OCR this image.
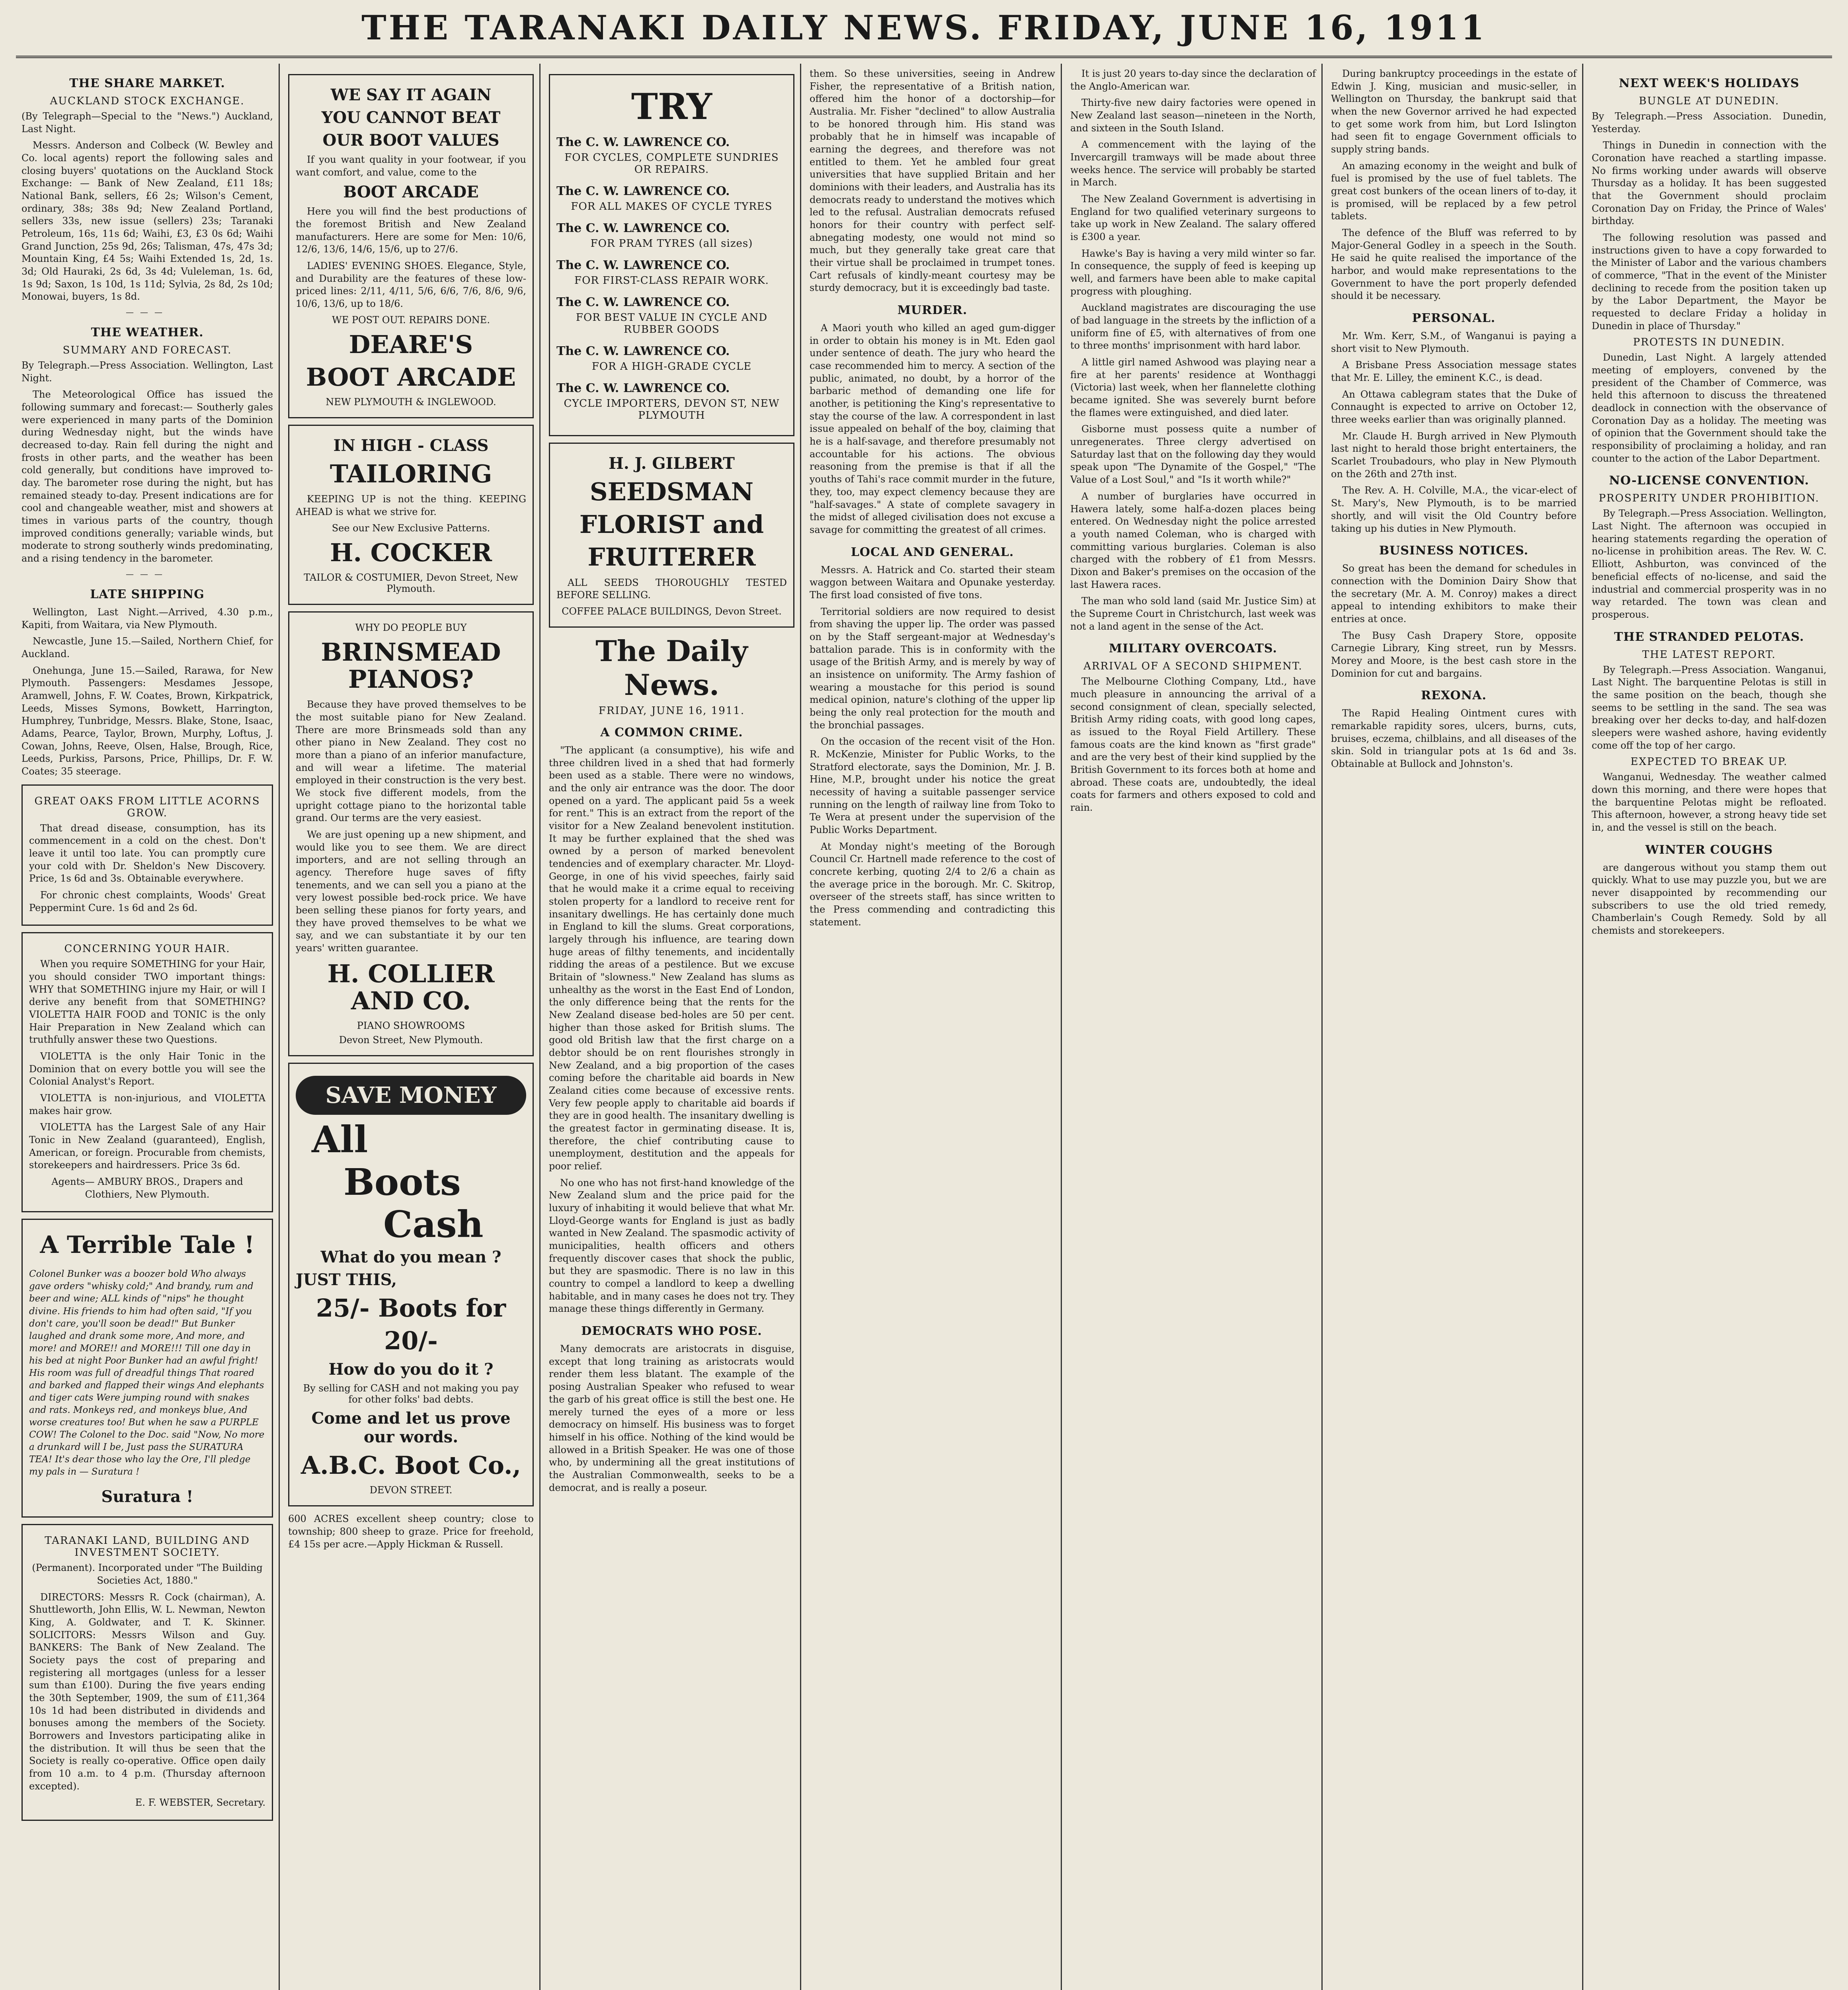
THE TARANAKI DAILY NEWS. FRIDAY, JUNE 16, 1911
THE SHARE MARKET.
AUCKLAND STOCK EXCHANGE.

(By Telegraph—Special to the "News.") Auckland, Last Night.

Messrs. Anderson and Colbeck (W. Bewley and Co. local agents) report the following sales and closing buyers' quotations on the Auckland Stock Exchange: — Bank of New Zealand, £11 18s; National Bank, sellers, £6 2s; Wilson's Cement, ordinary, 38s; 38s 9d; New Zealand Portland, sellers 33s, new issue (sellers) 23s; Taranaki Petroleum, 16s, 11s 6d; Waihi, £3, £3 0s 6d; Waihi Grand Junction, 25s 9d, 26s; Talisman, 47s, 47s 3d; Mountain King, £4 5s; Waihi Extended 1s, 2d, 1s. 3d; Old Hauraki, 2s 6d, 3s 4d; Vuleleman, 1s. 6d, 1s 9d; Saxon, 1s 10d, 1s 11d; Sylvia, 2s 8d, 2s 10d; Monowai, buyers, 1s 8d.

———
THE WEATHER.
SUMMARY AND FORECAST.

By Telegraph.—Press Association. Wellington, Last Night.

The Meteorological Office has issued the following summary and forecast:— Southerly gales were experienced in many parts of the Dominion during Wednesday night, but the winds have decreased to-day. Rain fell during the night and frosts in other parts, and the weather has been cold generally, but conditions have improved to-day. The barometer rose during the night, but has remained steady to-day. Present indications are for cool and changeable weather, mist and showers at times in various parts of the country, though improved conditions generally; variable winds, but moderate to strong southerly winds predominating, and a rising tendency in the barometer.

———
LATE SHIPPING

Wellington, Last Night.—Arrived, 4.30 p.m., Kapiti, from Waitara, via New Plymouth.

Newcastle, June 15.—Sailed, Northern Chief, for Auckland.

Onehunga, June 15.—Sailed, Rarawa, for New Plymouth. Passengers: Mesdames Jessope, Aramwell, Johns, F. W. Coates, Brown, Kirkpatrick, Leeds, Misses Symons, Bowkett, Harrington, Humphrey, Tunbridge, Messrs. Blake, Stone, Isaac, Adams, Pearce, Taylor, Brown, Murphy, Loftus, J. Cowan, Johns, Reeve, Olsen, Halse, Brough, Rice, Leeds, Purkiss, Parsons, Price, Phillips, Dr. F. W. Coates; 35 steerage.

GREAT OAKS FROM LITTLE ACORNS GROW.

That dread disease, consumption, has its commencement in a cold on the chest. Don't leave it until too late. You can promptly cure your cold with Dr. Sheldon's New Discovery. Price, 1s 6d and 3s. Obtainable everywhere.

For chronic chest complaints, Woods' Great Peppermint Cure. 1s 6d and 2s 6d.

CONCERNING YOUR HAIR.

When you require SOMETHING for your Hair, you should consider TWO important things: WHY that SOMETHING injure my Hair, or will I derive any benefit from that SOMETHING? VIOLETTA HAIR FOOD and TONIC is the only Hair Preparation in New Zealand which can truthfully answer these two Questions.

VIOLETTA is the only Hair Tonic in the Dominion that on every bottle you will see the Colonial Analyst's Report.

VIOLETTA is non-injurious, and VIOLETTA makes hair grow.

VIOLETTA has the Largest Sale of any Hair Tonic in New Zealand (guaranteed), English, American, or foreign. Procurable from chemists, storekeepers and hairdressers. Price 3s 6d.

Agents— AMBURY BROS., Drapers and Clothiers, New Plymouth.

A Terrible Tale !

Colonel Bunker was a boozer bold Who always gave orders "whisky cold;" And brandy, rum and beer and wine; ALL kinds of "nips" he thought divine. His friends to him had often said, "If you don't care, you'll soon be dead!" But Bunker laughed and drank some more, And more, and more! and MORE!! and MORE!!! Till one day in his bed at night Poor Bunker had an awful fright! His room was full of dreadful things That roared and barked and flapped their wings And elephants and tiger cats Were jumping round with snakes and rats. Monkeys red, and monkeys blue, And worse creatures too! But when he saw a PURPLE COW! The Colonel to the Doc. said "Now, No more a drunkard will I be, Just pass the SURATURA TEA! It's dear those who lay the Ore, I'll pledge my pals in — Suratura !

Suratura !
TARANAKI LAND, BUILDING AND INVESTMENT SOCIETY.

(Permanent). Incorporated under "The Building Societies Act, 1880."

DIRECTORS: Messrs R. Cock (chairman), A. Shuttleworth, John Ellis, W. L. Newman, Newton King, A. Goldwater, and T. K. Skinner. SOLICITORS: Messrs Wilson and Guy. BANKERS: The Bank of New Zealand. The Society pays the cost of preparing and registering all mortgages (unless for a lesser sum than £100). During the five years ending the 30th September, 1909, the sum of £11,364 10s 1d had been distributed in dividends and bonuses among the members of the Society. Borrowers and Investors participating alike in the distribution. It will thus be seen that the Society is really co-operative. Office open daily from 10 a.m. to 4 p.m. (Thursday afternoon excepted).

E. F. WEBSTER, Secretary.

WE SAY IT AGAIN
YOU CANNOT BEAT
OUR BOOT VALUES

If you want quality in your footwear, if you want comfort, and value, come to the

BOOT ARCADE

Here you will find the best productions of the foremost British and New Zealand manufacturers. Here are some for Men: 10/6, 12/6, 13/6, 14/6, 15/6, up to 27/6.

LADIES' EVENING SHOES. Elegance, Style, and Durability are the features of these low-priced lines: 2/11, 4/11, 5/6, 6/6, 7/6, 8/6, 9/6, 10/6, 13/6, up to 18/6.

WE POST OUT. REPAIRS DONE.
DEARE'S
BOOT ARCADE
NEW PLYMOUTH & INGLEWOOD.
IN HIGH - CLASS
TAILORING

KEEPING UP is not the thing. KEEPING AHEAD is what we strive for.

See our New Exclusive Patterns.
H. COCKER
TAILOR & COSTUMIER, Devon Street, New Plymouth.
WHY DO PEOPLE BUY
BRINSMEAD PIANOS?

Because they have proved themselves to be the most suitable piano for New Zealand. There are more Brinsmeads sold than any other piano in New Zealand. They cost no more than a piano of an inferior manufacture, and will wear a lifetime. The material employed in their construction is the very best. We stock five different models, from the upright cottage piano to the horizontal table grand. Our terms are the very easiest.

We are just opening up a new shipment, and would like you to see them. We are direct importers, and are not selling through an agency. Therefore huge saves of fifty tenements, and we can sell you a piano at the very lowest possible bed-rock price. We have been selling these pianos for forty years, and they have proved themselves to be what we say, and we can substantiate it by our ten years' written guarantee.

H. COLLIER AND CO.
PIANO SHOWROOMS
Devon Street, New Plymouth.
SAVE MONEY
All
Boots
Cash
What do you mean ?
JUST THIS,
25/- Boots for
20/-
How do you do it ?
By selling for CASH and not making you pay for other folks' bad debts.
Come and let us prove our words.
A.B.C. Boot Co.,
DEVON STREET.

600 ACRES excellent sheep country; close to township; 800 sheep to graze. Price for freehold, £4 15s per acre.—Apply Hickman & Russell.

TRY
The C. W. LAWRENCE CO.
FOR CYCLES, COMPLETE SUNDRIES OR REPAIRS.
The C. W. LAWRENCE CO.
FOR ALL MAKES OF CYCLE TYRES
The C. W. LAWRENCE CO.
FOR PRAM TYRES (all sizes)
The C. W. LAWRENCE CO.
FOR FIRST-CLASS REPAIR WORK.
The C. W. LAWRENCE CO.
FOR BEST VALUE IN CYCLE AND RUBBER GOODS
The C. W. LAWRENCE CO.
FOR A HIGH-GRADE CYCLE
The C. W. LAWRENCE CO.
CYCLE IMPORTERS, DEVON ST, NEW PLYMOUTH
H. J. GILBERT
SEEDSMAN
FLORIST and
FRUITERER

ALL SEEDS THOROUGHLY TESTED BEFORE SELLING.

COFFEE PALACE BUILDINGS, Devon Street.
The Daily News.
FRIDAY, JUNE 16, 1911.
A COMMON CRIME.

"The applicant (a consumptive), his wife and three children lived in a shed that had formerly been used as a stable. There were no windows, and the only air entrance was the door. The door opened on a yard. The applicant paid 5s a week for rent." This is an extract from the report of the visitor for a New Zealand benevolent institution. It may be further explained that the shed was owned by a person of marked benevolent tendencies and of exemplary character. Mr. Lloyd-George, in one of his vivid speeches, fairly said that he would make it a crime equal to receiving stolen property for a landlord to receive rent for insanitary dwellings. He has certainly done much in England to kill the slums. Great corporations, largely through his influence, are tearing down huge areas of filthy tenements, and incidentally ridding the areas of a pestilence. But we excuse Britain of "slowness." New Zealand has slums as unhealthy as the worst in the East End of London, the only difference being that the rents for the New Zealand disease bed-holes are 50 per cent. higher than those asked for British slums. The good old British law that the first charge on a debtor should be on rent flourishes strongly in New Zealand, and a big proportion of the cases coming before the charitable aid boards in New Zealand cities come because of excessive rents. Very few people apply to charitable aid boards if they are in good health. The insanitary dwelling is the greatest factor in germinating disease. It is, therefore, the chief contributing cause to unemployment, destitution and the appeals for poor relief.

No one who has not first-hand knowledge of the New Zealand slum and the price paid for the luxury of inhabiting it would believe that what Mr. Lloyd-George wants for England is just as badly wanted in New Zealand. The spasmodic activity of municipalities, health officers and others frequently discover cases that shock the public, but they are spasmodic. There is no law in this country to compel a landlord to keep a dwelling habitable, and in many cases he does not try. They manage these things differently in Germany.

DEMOCRATS WHO POSE.

Many democrats are aristocrats in disguise, except that long training as aristocrats would render them less blatant. The example of the posing Australian Speaker who refused to wear the garb of his great office is still the best one. He merely turned the eyes of a more or less democracy on himself. His business was to forget himself in his office. Nothing of the kind would be allowed in a British Speaker. He was one of those who, by undermining all the great institutions of the Australian Commonwealth, seeks to be a democrat, and is really a poseur.

them. So these universities, seeing in Andrew Fisher, the representative of a British nation, offered him the honor of a doctorship—for Australia. Mr. Fisher "declined" to allow Australia to be honored through him. His stand was probably that he in himself was incapable of earning the degrees, and therefore was not entitled to them. Yet he ambled four great universities that have supplied Britain and her dominions with their leaders, and Australia has its democrats ready to understand the motives which led to the refusal. Australian democrats refused honors for their country with perfect self-abnegating modesty, one would not mind so much, but they generally take great care that their virtue shall be proclaimed in trumpet tones. Cart refusals of kindly-meant courtesy may be sturdy democracy, but it is exceedingly bad taste.

MURDER.

A Maori youth who killed an aged gum-digger in order to obtain his money is in Mt. Eden gaol under sentence of death. The jury who heard the case recommended him to mercy. A section of the public, animated, no doubt, by a horror of the barbaric method of demanding one life for another, is petitioning the King's representative to stay the course of the law. A correspondent in last issue appealed on behalf of the boy, claiming that he is a half-savage, and therefore presumably not accountable for his actions. The obvious reasoning from the premise is that if all the youths of Tahi's race commit murder in the future, they, too, may expect clemency because they are "half-savages." A state of complete savagery in the midst of alleged civilisation does not excuse a savage for committing the greatest of all crimes.

LOCAL AND GENERAL.

Messrs. A. Hatrick and Co. started their steam waggon between Waitara and Opunake yesterday. The first load consisted of five tons.

Territorial soldiers are now required to desist from shaving the upper lip. The order was passed on by the Staff sergeant-major at Wednesday's battalion parade. This is in conformity with the usage of the British Army, and is merely by way of an insistence on uniformity. The Army fashion of wearing a moustache for this period is sound medical opinion, nature's clothing of the upper lip being the only real protection for the mouth and the bronchial passages.

On the occasion of the recent visit of the Hon. R. McKenzie, Minister for Public Works, to the Stratford electorate, says the Dominion, Mr. J. B. Hine, M.P., brought under his notice the great necessity of having a suitable passenger service running on the length of railway line from Toko to Te Wera at present under the supervision of the Public Works Department.

At Monday night's meeting of the Borough Council Cr. Hartnell made reference to the cost of concrete kerbing, quoting 2/4 to 2/6 a chain as the average price in the borough. Mr. C. Skitrop, overseer of the streets staff, has since written to the Press commending and contradicting this statement.

It is just 20 years to-day since the declaration of the Anglo-American war.

Thirty-five new dairy factories were opened in New Zealand last season—nineteen in the North, and sixteen in the South Island.

A commencement with the laying of the Invercargill tramways will be made about three weeks hence. The service will probably be started in March.

The New Zealand Government is advertising in England for two qualified veterinary surgeons to take up work in New Zealand. The salary offered is £300 a year.

Hawke's Bay is having a very mild winter so far. In consequence, the supply of feed is keeping up well, and farmers have been able to make capital progress with ploughing.

Auckland magistrates are discouraging the use of bad language in the streets by the infliction of a uniform fine of £5, with alternatives of from one to three months' imprisonment with hard labor.

A little girl named Ashwood was playing near a fire at her parents' residence at Wonthaggi (Victoria) last week, when her flannelette clothing became ignited. She was severely burnt before the flames were extinguished, and died later.

Gisborne must possess quite a number of unregenerates. Three clergy advertised on Saturday last that on the following day they would speak upon "The Dynamite of the Gospel," "The Value of a Lost Soul," and "Is it worth while?"

A number of burglaries have occurred in Hawera lately, some half-a-dozen places being entered. On Wednesday night the police arrested a youth named Coleman, who is charged with committing various burglaries. Coleman is also charged with the robbery of £1 from Messrs. Dixon and Baker's premises on the occasion of the last Hawera races.

The man who sold land (said Mr. Justice Sim) at the Supreme Court in Christchurch, last week was not a land agent in the sense of the Act.

MILITARY OVERCOATS.
ARRIVAL OF A SECOND SHIPMENT.

The Melbourne Clothing Company, Ltd., have much pleasure in announcing the arrival of a second consignment of clean, specially selected, British Army riding coats, with good long capes, as issued to the Royal Field Artillery. These famous coats are the kind known as "first grade" and are the very best of their kind supplied by the British Government to its forces both at home and abroad. These coats are, undoubtedly, the ideal coats for farmers and others exposed to cold and rain.

During bankruptcy proceedings in the estate of Edwin J. King, musician and music-seller, in Wellington on Thursday, the bankrupt said that when the new Governor arrived he had expected to get some work from him, but Lord Islington had seen fit to engage Government officials to supply string bands.

An amazing economy in the weight and bulk of fuel is promised by the use of fuel tablets. The great cost bunkers of the ocean liners of to-day, it is promised, will be replaced by a few petrol tablets.

The defence of the Bluff was referred to by Major-General Godley in a speech in the South. He said he quite realised the importance of the harbor, and would make representations to the Government to have the port properly defended should it be necessary.

PERSONAL.

Mr. Wm. Kerr, S.M., of Wanganui is paying a short visit to New Plymouth.

A Brisbane Press Association message states that Mr. E. Lilley, the eminent K.C., is dead.

An Ottawa cablegram states that the Duke of Connaught is expected to arrive on October 12, three weeks earlier than was originally planned.

Mr. Claude H. Burgh arrived in New Plymouth last night to herald those bright entertainers, the Scarlet Troubadours, who play in New Plymouth on the 26th and 27th inst.

The Rev. A. H. Colville, M.A., the vicar-elect of St. Mary's, New Plymouth, is to be married shortly, and will visit the Old Country before taking up his duties in New Plymouth.

BUSINESS NOTICES.

So great has been the demand for schedules in connection with the Dominion Dairy Show that the secretary (Mr. A. M. Conroy) makes a direct appeal to intending exhibitors to make their entries at once.

The Busy Cash Drapery Store, opposite Carnegie Library, King street, run by Messrs. Morey and Moore, is the best cash store in the Dominion for cut and bargains.

REXONA.

The Rapid Healing Ointment cures with remarkable rapidity sores, ulcers, burns, cuts, bruises, eczema, chilblains, and all diseases of the skin. Sold in triangular pots at 1s 6d and 3s. Obtainable at Bullock and Johnston's.

NEXT WEEK'S HOLIDAYS
BUNGLE AT DUNEDIN.

By Telegraph.—Press Association. Dunedin, Yesterday.

Things in Dunedin in connection with the Coronation have reached a startling impasse. No firms working under awards will observe Thursday as a holiday. It has been suggested that the Government should proclaim Coronation Day on Friday, the Prince of Wales' birthday.

The following resolution was passed and instructions given to have a copy forwarded to the Minister of Labor and the various chambers of commerce, "That in the event of the Minister declining to recede from the position taken up by the Labor Department, the Mayor be requested to declare Friday a holiday in Dunedin in place of Thursday."

PROTESTS IN DUNEDIN.

Dunedin, Last Night. A largely attended meeting of employers, convened by the president of the Chamber of Commerce, was held this afternoon to discuss the threatened deadlock in connection with the observance of Coronation Day as a holiday. The meeting was of opinion that the Government should take the responsibility of proclaiming a holiday, and ran counter to the action of the Labor Department.

NO-LICENSE CONVENTION.
PROSPERITY UNDER PROHIBITION.

By Telegraph.—Press Association. Wellington, Last Night. The afternoon was occupied in hearing statements regarding the operation of no-license in prohibition areas. The Rev. W. C. Elliott, Ashburton, was convinced of the beneficial effects of no-license, and said the industrial and commercial prosperity was in no way retarded. The town was clean and prosperous.

THE STRANDED PELOTAS.
THE LATEST REPORT.

By Telegraph.—Press Association. Wanganui, Last Night. The barquentine Pelotas is still in the same position on the beach, though she seems to be settling in the sand. The sea was breaking over her decks to-day, and half-dozen sleepers were washed ashore, having evidently come off the top of her cargo.

EXPECTED TO BREAK UP.

Wanganui, Wednesday. The weather calmed down this morning, and there were hopes that the barquentine Pelotas might be refloated. This afternoon, however, a strong heavy tide set in, and the vessel is still on the beach.

WINTER COUGHS

are dangerous without you stamp them out quickly. What to use may puzzle you, but we are never disappointed by recommending our subscribers to use the old tried remedy, Chamberlain's Cough Remedy. Sold by all chemists and storekeepers.
